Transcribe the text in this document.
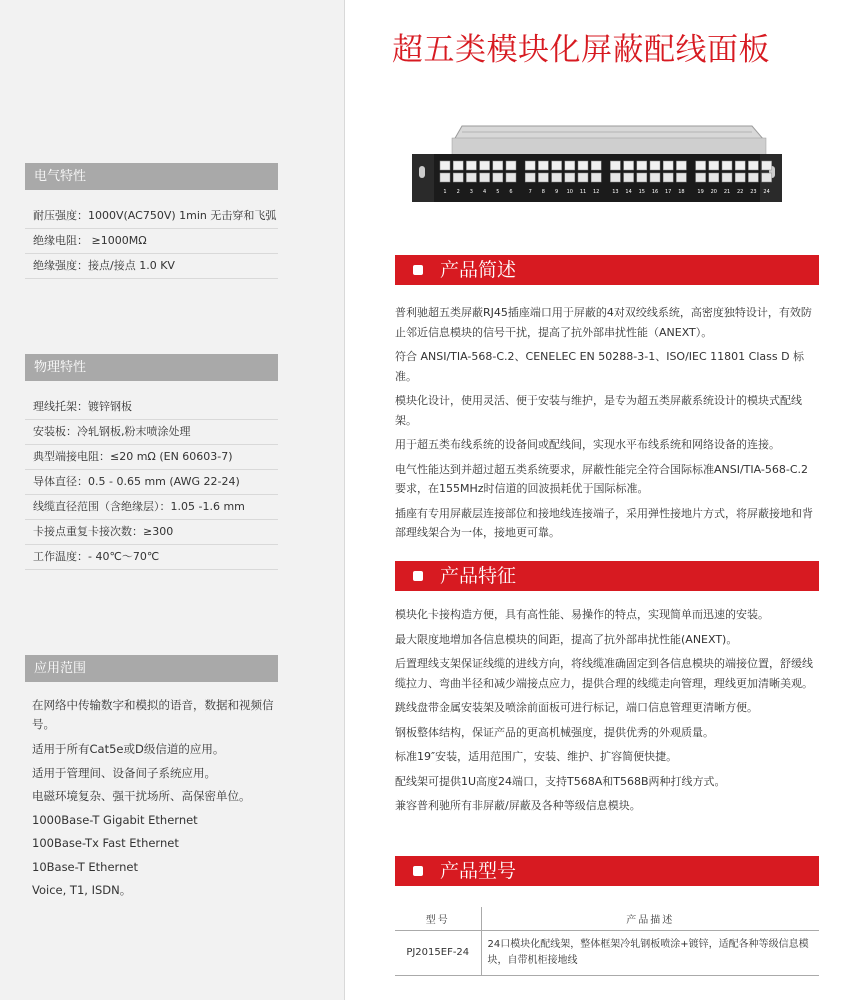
电气特性
耐压强度：1000V(AC750V) 1min 无击穿和飞弧
绝缘电阻： ≥1000MΩ
绝缘强度：接点/接点 1.0 KV
物理特性
理线托架：镀锌钢板
安装板：冷轧钢板,粉末喷涂处理
典型端接电阻：≤20 mΩ (EN 60603-7)
导体直径：0.5 - 0.65 mm (AWG 22-24)
线缆直径范围（含绝缘层）：1.05 -1.6 mm
卡接点重复卡接次数：≥300
工作温度：- 40℃～70℃
应用范围
在网络中传输数字和模拟的语音，数据和视频信号。
适用于所有Cat5e或D级信道的应用。
适用于管理间、设备间子系统应用。
电磁环境复杂、强干扰场所、高保密单位。
1000Base-T Gigabit Ethernet
100Base-Tx Fast Ethernet
10Base-T Ethernet
Voice, T1, ISDN。
超五类模块化屏蔽配线面板
1 2 3 4 5 6	7 8 9 10 11 12	13 14 15 16 17 18	19 20 21 22 23 24
产品简述

普利驰超五类屏蔽RJ45插座端口用于屏蔽的4对双绞线系统，高密度独特设计，有效防止邻近信息模块的信号干扰，提高了抗外部串扰性能（ANEXT）。

符合 ANSI/TIA-568-C.2、CENELEC EN 50288-3-1、ISO/IEC 11801 Class D 标准。

模块化设计，使用灵活、便于安装与维护，是专为超五类屏蔽系统设计的模块式配线架。

用于超五类布线系统的设备间或配线间，实现水平布线系统和网络设备的连接。

电气性能达到并超过超五类系统要求，屏蔽性能完全符合国际标准ANSI/TIA-568-C.2 要求，在155MHz时信道的回波损耗优于国际标准。

插座有专用屏蔽层连接部位和接地线连接端子，采用弹性接地片方式，将屏蔽接地和背部理线架合为一体，接地更可靠。

产品特征

模块化卡接构造方便，具有高性能、易操作的特点，实现简单而迅速的安装。

最大限度地增加各信息模块的间距，提高了抗外部串扰性能(ANEXT)。

后置理线支架保证线缆的进线方向，将线缆准确固定到各信息模块的端接位置，舒缓线缆拉力、弯曲半径和减少端接点应力，提供合理的线缆走向管理，理线更加清晰美观。

跳线盘带金属安装架及喷涂前面板可进行标记，端口信息管理更清晰方便。

钢板整体结构，保证产品的更高机械强度，提供优秀的外观质量。

标准19″安装，适用范围广，安装、维护、扩容简便快捷。

配线架可提供1U高度24端口，支持T568A和T568B两种打线方式。

兼容普利驰所有非屏蔽/屏蔽及各种等级信息模块。

产品型号
型号	产品描述
PJ2015EF-24	24口模块化配线架，整体框架冷轧钢板喷涂+镀锌，适配各种等级信息模块，自带机柜接地线
